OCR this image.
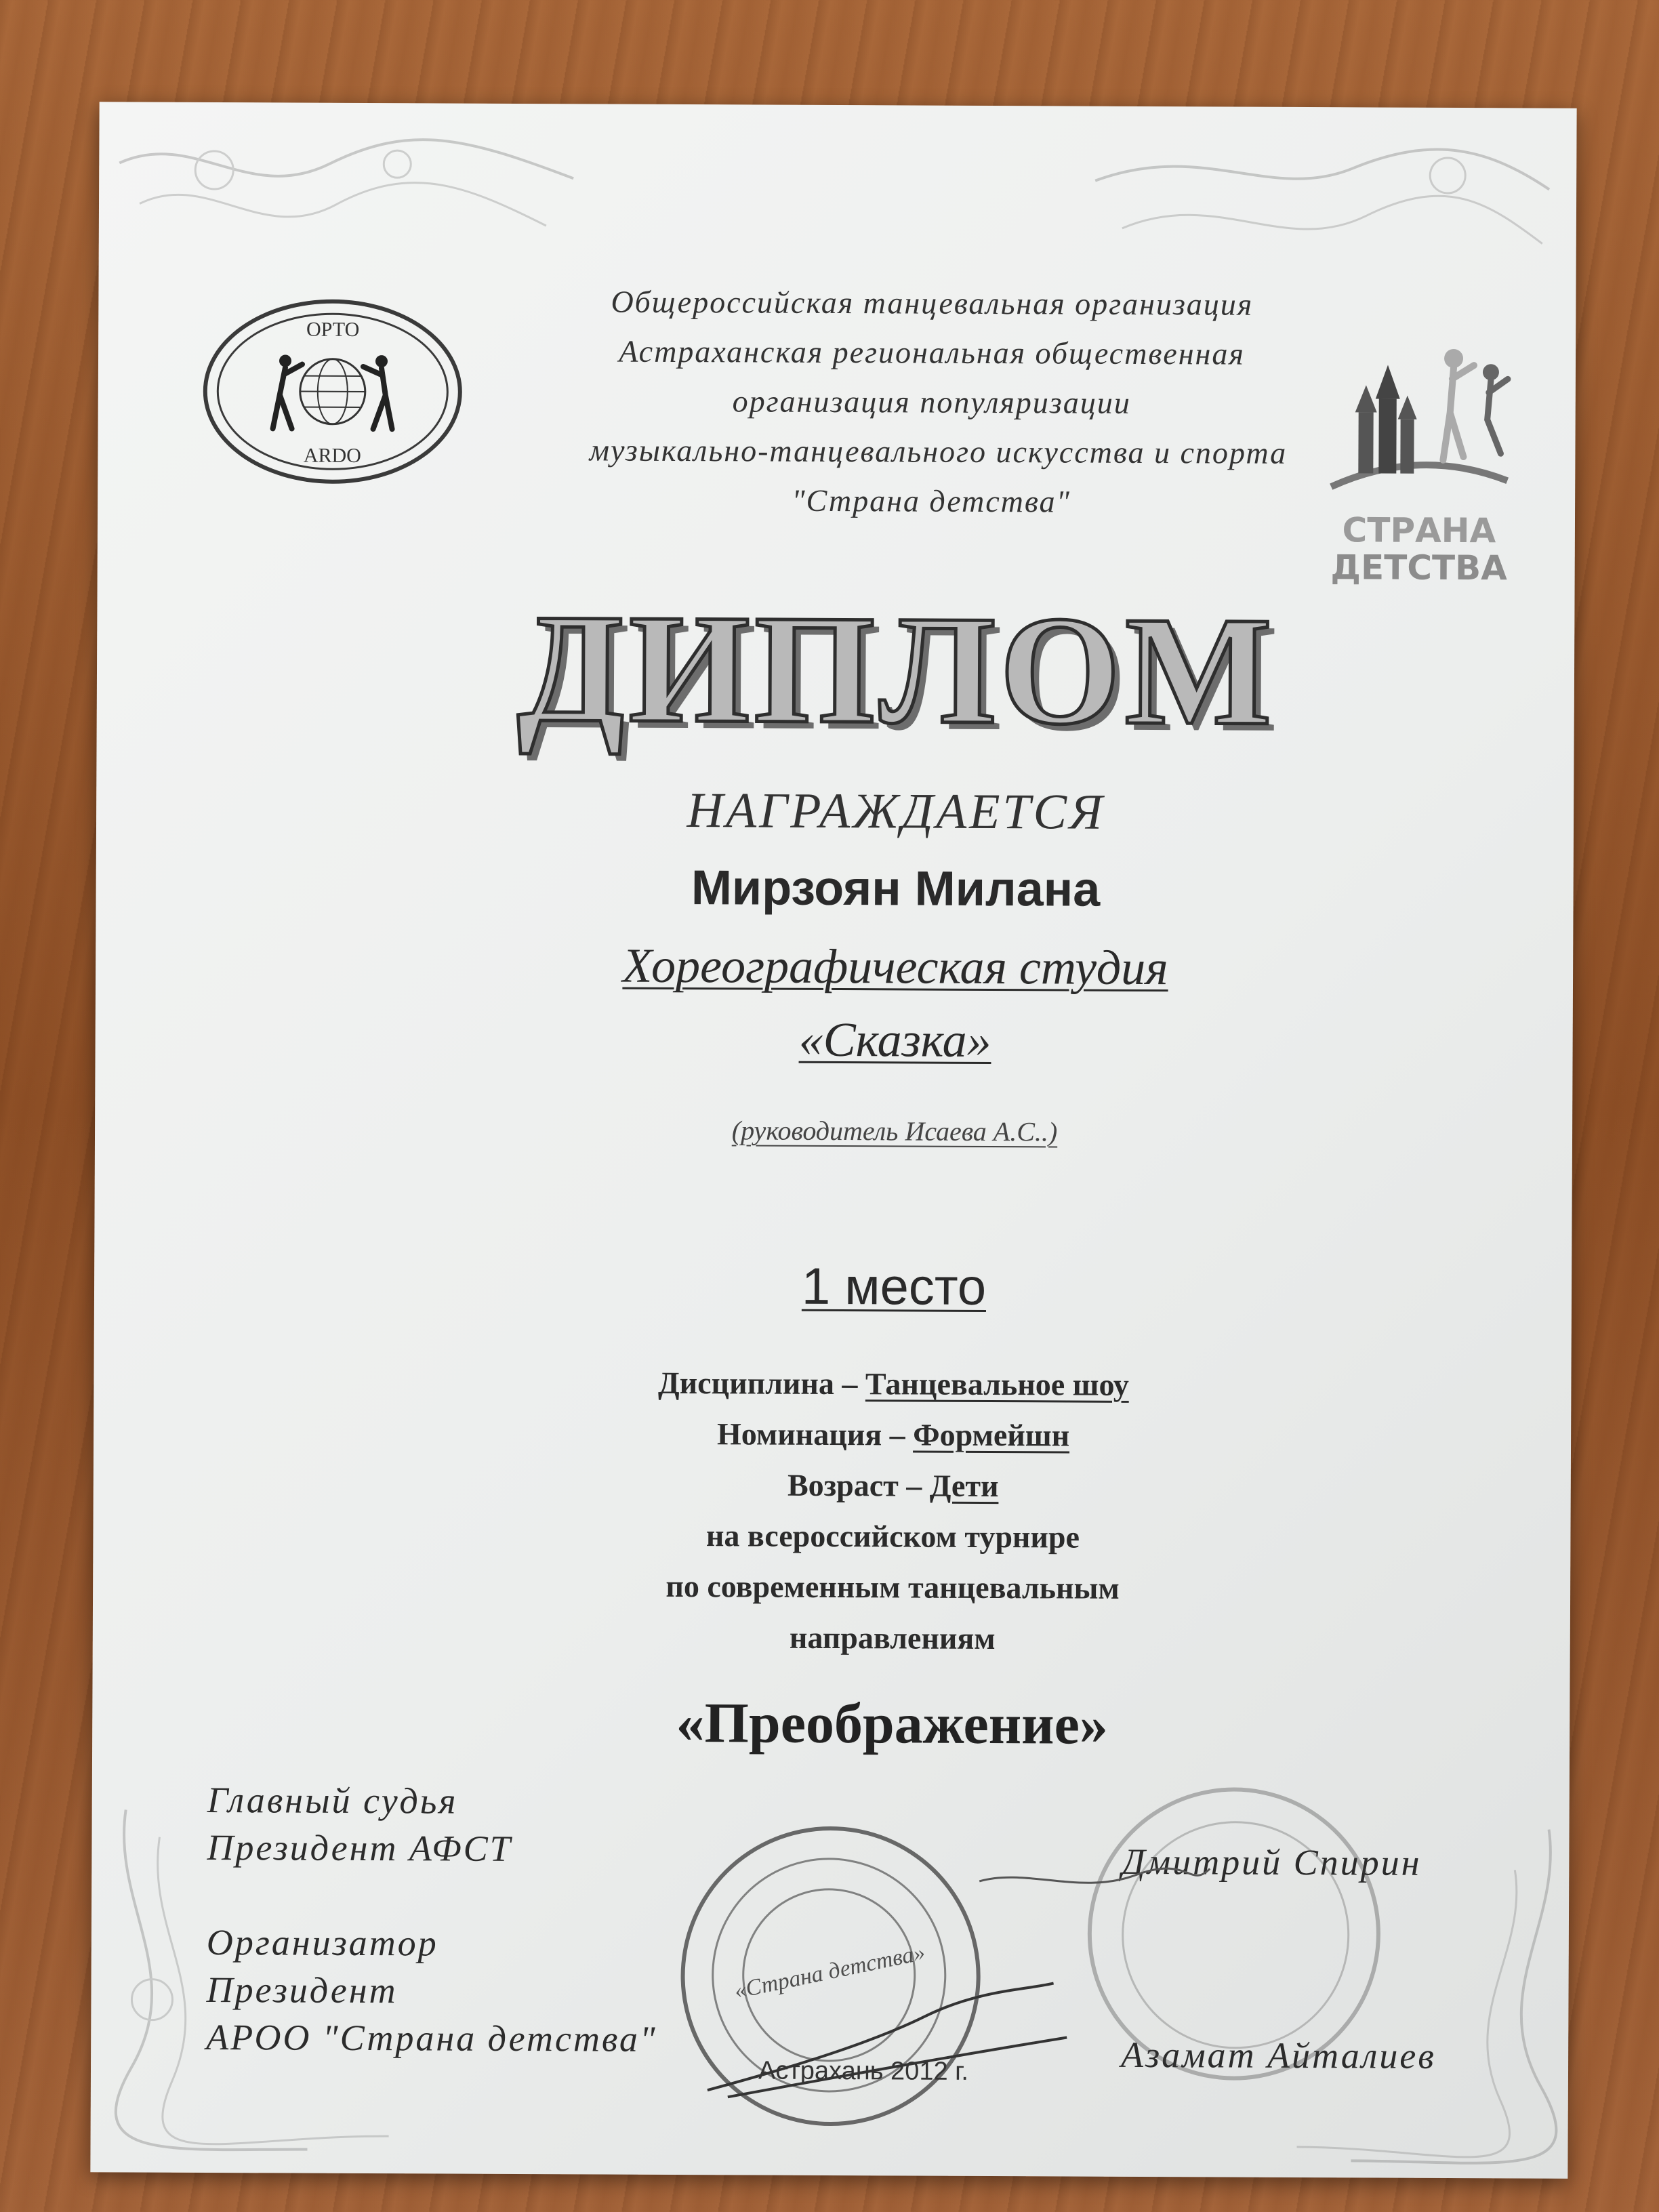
ОРТО
ARDO
СТРАНА
ДЕТСТВА
Общероссийская танцевальная организация
Астраханская региональная общественная
организация популяризации
музыкально-танцевального искусства и спорта
"Страна детства"
ДИПЛОМ
НАГРАЖДАЕТСЯ
Мирзоян Милана
Хореографическая студия
«Сказка»
(руководитель Исаева А.С..)
1 место
Дисциплина – Танцевальное шоу
Номинация – Формейшн
Возраст – Дети
на всероссийском турнире
по современным танцевальным
направлениям
«Преображение»
Главный судья
Президент АФСТ	Дмитрий Спирин
Организатор
Президент
АРОО "Страна детства"	Азамат Айталиев
«Страна детства»
Астрахань 2012 г.
